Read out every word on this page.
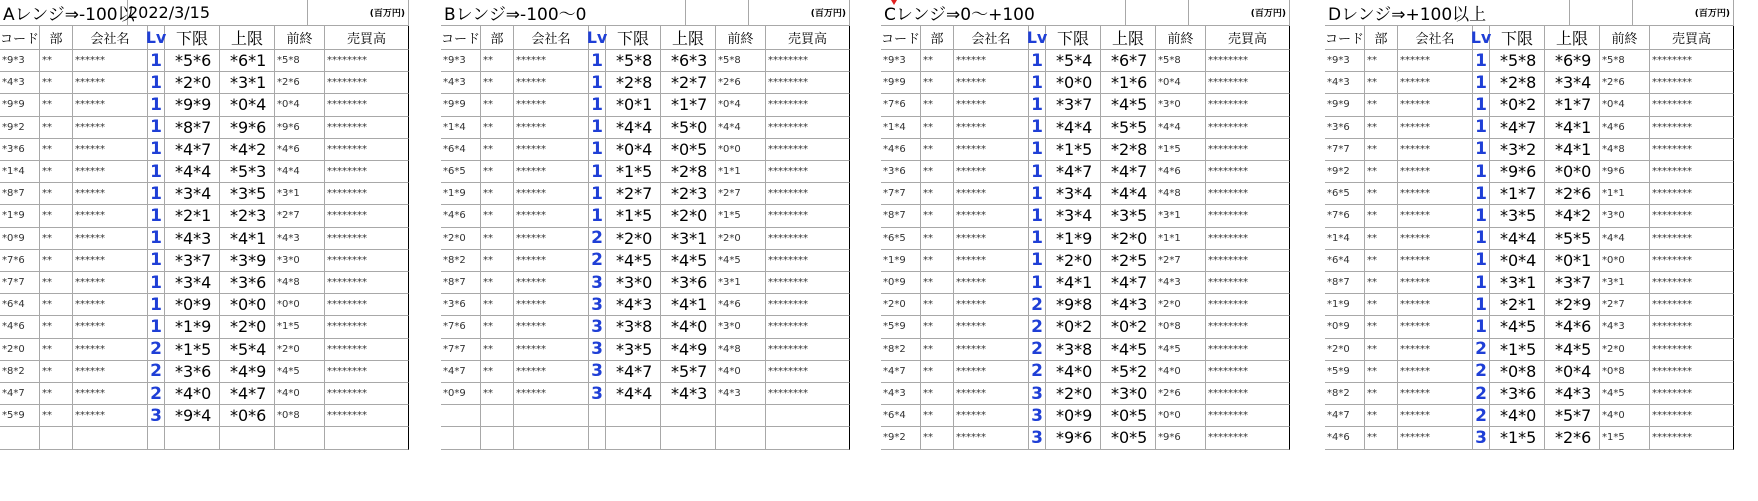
Aレンジ⇒-100以
2022/3/15	(百万円)
コード 部	会社名	Lv 下限	上限	前終	売買高
*9*3	**	******	1 *5*6	*6*1	*5*8	********
*4*3	**	******	1 *2*0	*3*1	*2*6	********
*9*9	**	******	1 *9*9	*0*4	*0*4	********
*9*2	**	******	1 *8*7	*9*6	*9*6	********
*3*6	**	******	1 *4*7	*4*2	*4*6	********
*1*4	**	******	1 *4*4	*5*3	*4*4	********
*8*7	**	******	1 *3*4	*3*5	*3*1	********
*1*9	**	******	1 *2*1	*2*3	*2*7	********
*0*9	**	******	1 *4*3	*4*1	*4*3	********
*7*6	**	******	1 *3*7	*3*9	*3*0	********
*7*7	**	******	1 *3*4	*3*6	*4*8	********
*6*4	**	******	1 *0*9	*0*0	*0*0	********
*4*6	**	******	1 *1*9	*2*0	*1*5	********
*2*0	**	******	2 *1*5	*5*4	*2*0	********
*8*2	**	******	2 *3*6	*4*9	*4*5	********
*4*7	**	******	2 *4*0	*4*7	*4*0	********
*5*9	**	******	3 *9*4	*0*6	*0*8	********
Bレンジ⇒-100～0	(百万円)
コード 部	会社名	Lv 下限	上限	前終	売買高
*9*3	**	******	1 *5*8	*6*3	*5*8	********
*4*3	**	******	1 *2*8	*2*7	*2*6	********
*9*9	**	******	1 *0*1	*1*7	*0*4	********
*1*4	**	******	1 *4*4	*5*0	*4*4	********
*6*4	**	******	1 *0*4	*0*5	*0*0	********
*6*5	**	******	1 *1*5	*2*8	*1*1	********
*1*9	**	******	1 *2*7	*2*3	*2*7	********
*4*6	**	******	1 *1*5	*2*0	*1*5	********
*2*0	**	******	2 *2*0	*3*1	*2*0	********
*8*2	**	******	2 *4*5	*4*5	*4*5	********
*8*7	**	******	3 *3*0	*3*6	*3*1	********
*3*6	**	******	3 *4*3	*4*1	*4*6	********
*7*6	**	******	3 *3*8	*4*0	*3*0	********
*7*7	**	******	3 *3*5	*4*9	*4*8	********
*4*7	**	******	3 *4*7	*5*7	*4*0	********
*0*9	**	******	3 *4*4	*4*3	*4*3	********
Cレンジ⇒0～+100	(百万円)
コード 部	会社名	Lv 下限	上限	前終	売買高
*9*3	**	******	1 *5*4	*6*7	*5*8	********
*9*9	**	******	1 *0*0	*1*6	*0*4	********
*7*6	**	******	1 *3*7	*4*5	*3*0	********
*1*4	**	******	1 *4*4	*5*5	*4*4	********
*4*6	**	******	1 *1*5	*2*8	*1*5	********
*3*6	**	******	1 *4*7	*4*7	*4*6	********
*7*7	**	******	1 *3*4	*4*4	*4*8	********
*8*7	**	******	1 *3*4	*3*5	*3*1	********
*6*5	**	******	1 *1*9	*2*0	*1*1	********
*1*9	**	******	1 *2*0	*2*5	*2*7	********
*0*9	**	******	1 *4*1	*4*7	*4*3	********
*2*0	**	******	2 *9*8	*4*3	*2*0	********
*5*9	**	******	2 *0*2	*0*2	*0*8	********
*8*2	**	******	2 *3*8	*4*5	*4*5	********
*4*7	**	******	2 *4*0	*5*2	*4*0	********
*4*3	**	******	3 *2*0	*3*0	*2*6	********
*6*4	**	******	3 *0*9	*0*5	*0*0	********
*9*2	**	******	3 *9*6	*0*5	*9*6	********
Dレンジ⇒+100以上	(百万円)
コード 部	会社名	Lv 下限	上限	前終	売買高
*9*3	**	******	1 *5*8	*6*9	*5*8	********
*4*3	**	******	1 *2*8	*3*4	*2*6	********
*9*9	**	******	1 *0*2	*1*7	*0*4	********
*3*6	**	******	1 *4*7	*4*1	*4*6	********
*7*7	**	******	1 *3*2	*4*1	*4*8	********
*9*2	**	******	1 *9*6	*0*0	*9*6	********
*6*5	**	******	1 *1*7	*2*6	*1*1	********
*7*6	**	******	1 *3*5	*4*2	*3*0	********
*1*4	**	******	1 *4*4	*5*5	*4*4	********
*6*4	**	******	1 *0*4	*0*1	*0*0	********
*8*7	**	******	1 *3*1	*3*7	*3*1	********
*1*9	**	******	1 *2*1	*2*9	*2*7	********
*0*9	**	******	1 *4*5	*4*6	*4*3	********
*2*0	**	******	2 *1*5	*4*5	*2*0	********
*5*9	**	******	2 *0*8	*0*4	*0*8	********
*8*2	**	******	2 *3*6	*4*3	*4*5	********
*4*7	**	******	2 *4*0	*5*7	*4*0	********
*4*6	**	******	3 *1*5	*2*6	*1*5	********
